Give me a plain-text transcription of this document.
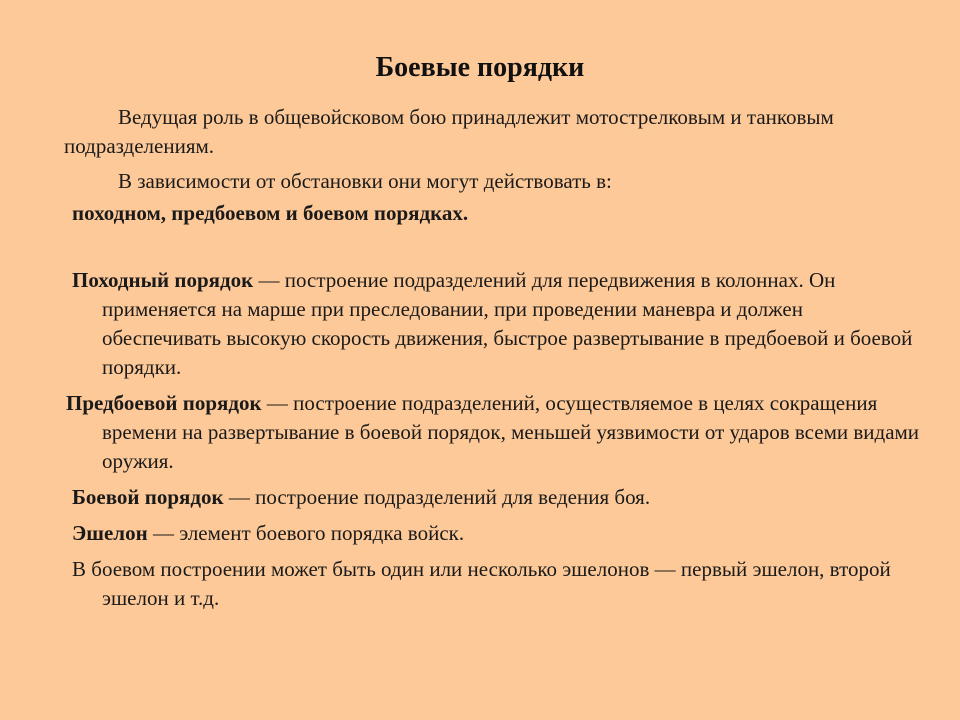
Боевые порядки

Ведущая роль в общевойсковом бою принадлежит мотострелковым и танковым подразделениям.

В зависимости от обстановки они могут действовать в:

походном, предбоевом и боевом порядках.

Походный порядок — построение подразделений для передвижения в колоннах. Он применяется на марше при преследовании, при проведении маневра и должен обеспечивать высокую скорость движения, быстрое развертывание в предбоевой и боевой порядки.

Предбоевой порядок — построение подразделений, осуществляемое в целях сокращения времени на развертывание в боевой порядок, меньшей уязвимости от ударов всеми видами оружия.

Боевой порядок — построение подразделений для ведения боя.

Эшелон — элемент боевого порядка войск.

В боевом построении может быть один или несколько эшелонов — первый эшелон, второй эшелон и т.д.
